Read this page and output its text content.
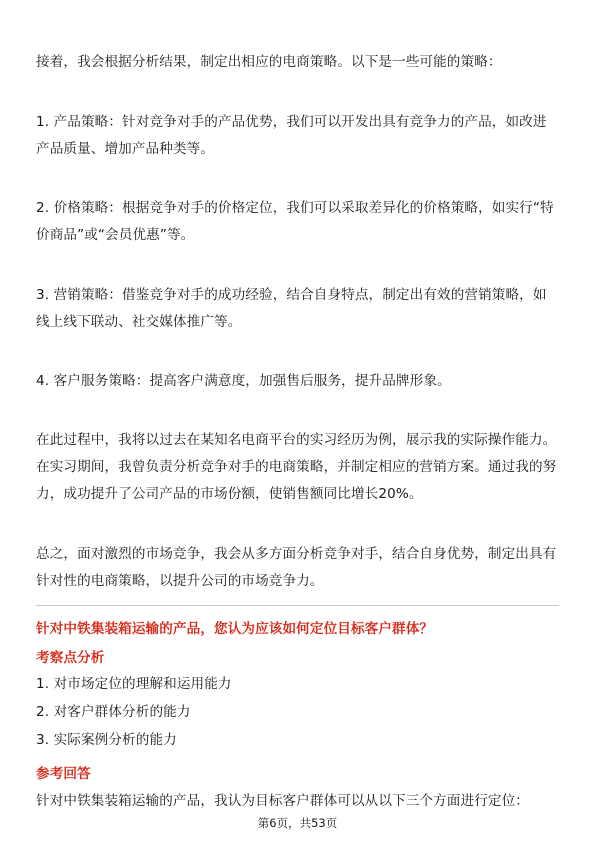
接着，我会根据分析结果，制定出相应的电商策略。以下是一些可能的策略：

1. 产品策略：针对竞争对手的产品优势，我们可以开发出具有竞争力的产品，如改进产品质量、增加产品种类等。

2. 价格策略：根据竞争对手的价格定位，我们可以采取差异化的价格策略，如实行“特价商品”或“会员优惠”等。

3. 营销策略：借鉴竞争对手的成功经验，结合自身特点，制定出有效的营销策略，如线上线下联动、社交媒体推广等。

4. 客户服务策略：提高客户满意度，加强售后服务，提升品牌形象。

在此过程中，我将以过去在某知名电商平台的实习经历为例，展示我的实际操作能力。在实习期间，我曾负责分析竞争对手的电商策略，并制定相应的营销方案。通过我的努力，成功提升了公司产品的市场份额，使销售额同比增长20%。

总之，面对激烈的市场竞争，我会从多方面分析竞争对手，结合自身优势，制定出具有针对性的电商策略，以提升公司的市场竞争力。

针对中铁集装箱运输的产品，您认为应该如何定位目标客户群体？

考察点分析

1. 对市场定位的理解和运用能力

2. 对客户群体分析的能力

3. 实际案例分析的能力

参考回答

针对中铁集装箱运输的产品，我认为目标客户群体可以从以下三个方面进行定位：

第6页，共53页
